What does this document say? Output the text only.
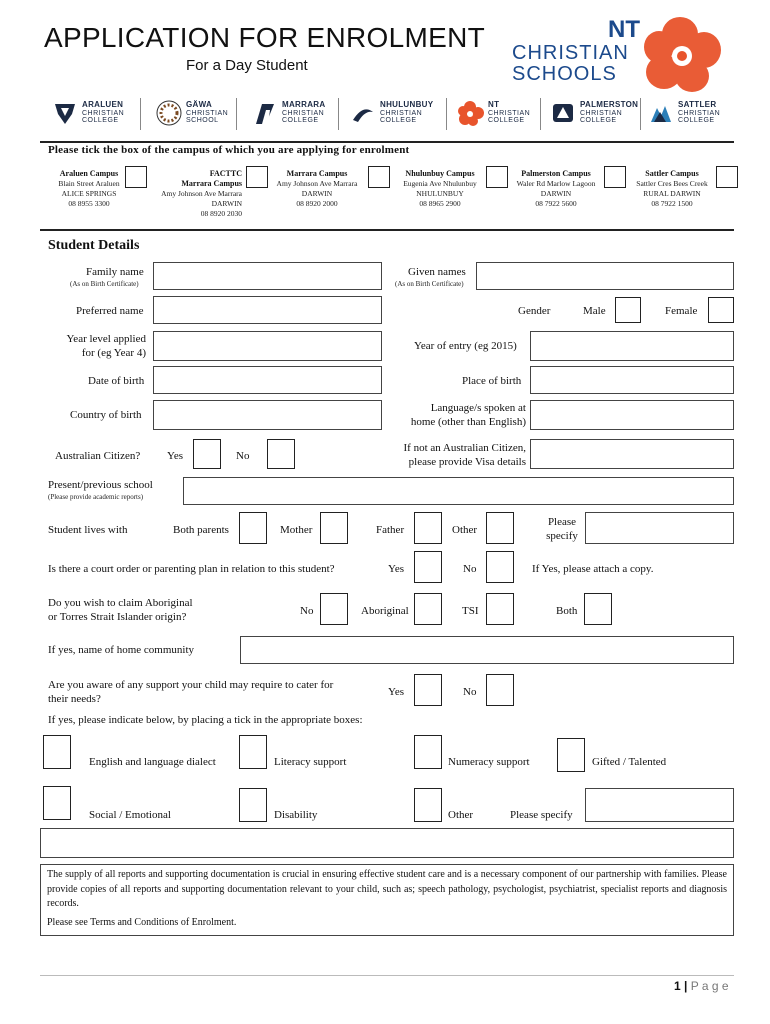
APPLICATION FOR ENROLMENT
For a Day Student
NT
CHRISTIAN
SCHOOLS
ARALUEN
CHRISTIAN
COLLEGE
GÄWA
CHRISTIAN
SCHOOL
MARRARA
CHRISTIAN
COLLEGE
NHULUNBUY
CHRISTIAN
COLLEGE
NT
CHRISTIAN
COLLEGE
PALMERSTON
CHRISTIAN
COLLEGE
SATTLER
CHRISTIAN
COLLEGE
Please tick the box of the campus of which you are applying for enrolment
Araluen Campus
Blain Street Araluen
ALICE SPRINGS
08 8955 3300
FACTTC
Marrara Campus
Amy Johnson Ave Marrara
DARWIN
08 8920 2030
Marrara Campus
Amy Johnson Ave Marrara
DARWIN
08 8920 2000
Nhulunbuy Campus
Eugenia Ave Nhulunbuy
NHULUNBUY
08 8965 2900
Palmerston Campus
Waler Rd Marlow Lagoon
DARWIN
08 7922 5600
Sattler Campus
Sattler Cres Bees Creek
RURAL DARWIN
08 7922 1500
Student Details
Family name
(As on Birth Certificate)
Given names
(As on Birth Certificate)
Preferred name	Gender	Male	Female
Year level applied
for (eg Year 4)
Year of entry (eg 2015)
Date of birth	Place of birth
Country of birth
Language/s spoken at
home (other than English)
Australian Citizen? Yes	No
If not an Australian Citizen,
please provide Visa details
Present/previous school
(Please provide academic reports)
Student lives with	Both parents	Mother	Father	Other
Please
specify
Is there a court order or parenting plan in relation to this student?	Yes	No	If Yes, please attach a copy.
Do you wish to claim Aboriginal
or Torres Strait Islander origin?	No	Aboriginal	TSI	Both
If yes, name of home community
Are you aware of any support your child may require to cater for
their needs?
Yes	No
If yes, please indicate below, by placing a tick in the appropriate boxes:
English and language dialect	Literacy support	Numeracy support	Gifted / Talented
Social / Emotional	Disability	Other	Please specify
The supply of all reports and supporting documentation is crucial in ensuring effective student care and is a necessary component of our partnership with families. Please provide copies of all reports and supporting documentation relevant to your child, such as; speech pathology, psychologist, psychiatrist, specialist reports and diagnosis records.
Please see Terms and Conditions of Enrolment.
1 | P a g e
